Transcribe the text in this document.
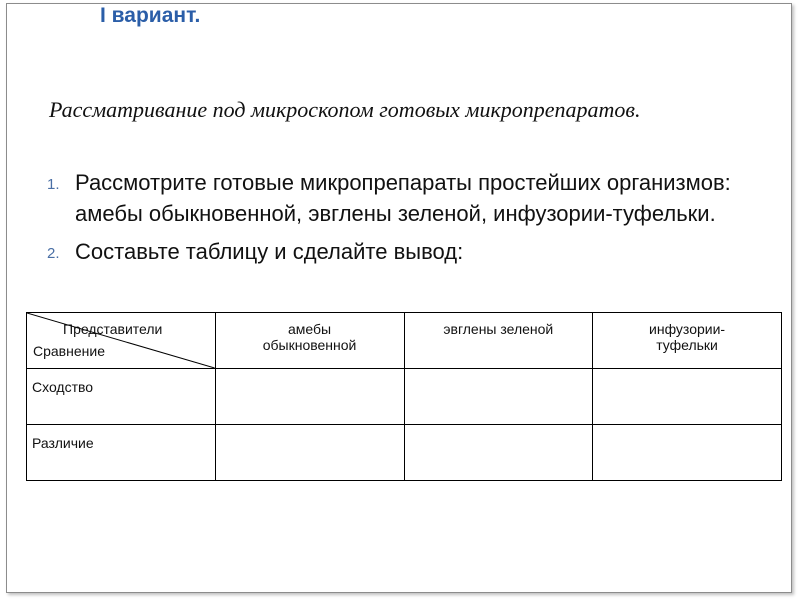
I вариант.
Рассматривание под микроскопом готовых микропрепаратов.
1. Рассмотрите готовые микропрепараты простейших организмов: амебы обыкновенной, эвглены зеленой, инфузории-туфельки.
2. Составьте таблицу и сделайте вывод:
Представители
Сравнение	амебы обыкновенной	эвглены зеленой	инфузории-туфельки
Сходство			
Различие			
